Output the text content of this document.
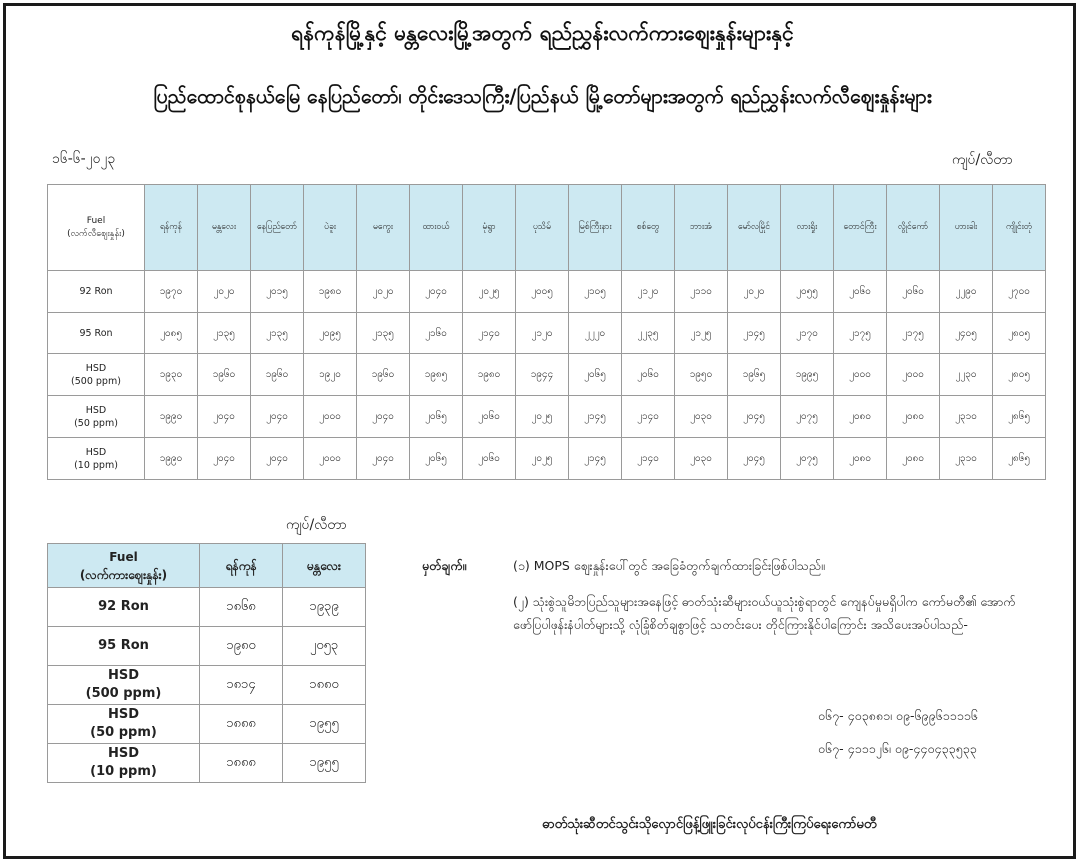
ရန်ကုန်မြို့နှင့် မန္တလေးမြို့အတွက် ရည်ညွှန်းလက်ကားဈေးနှုန်းများနှင့်
ပြည်ထောင်စုနယ်မြေ နေပြည်တော်၊ တိုင်းဒေသကြီး/ပြည်နယ် မြို့တော်များအတွက် ရည်ညွှန်းလက်လီဈေးနှုန်းများ
၁၆-၆-၂၀၂၃	ကျပ်/လီတာ
Fuel
(လက်လီဈေးနှုန်း)	ရန်ကုန်	မန္တလေး	နေပြည်တော်	ပဲခူး	မကွေး	ထားဝယ်	မုံရွာ	ပုသိမ်	မြစ်ကြီးနား	စစ်တွေ	ဘားအံ	မော်လမြိုင်	လားရှိုး	တောင်ကြီး	လွိုင်ကော်	ဟားခါး	ကျိုင်းတုံ

92 Ron	၁၉၇၀	၂၀၂၀	၂၀၁၅	၁၉၈၀	၂၀၂၀	၂၀၄၀	၂၀၂၅	၂၀၀၅	၂၁၀၅	၂၁၂၀	၂၁၁၀	၂၀၂၀	၂၀၅၅	၂၀၆၀	၂၀၆၀	၂၂၉၀	၂၇၀၀

95 Ron	၂၀၈၅	၂၁၃၅	၂၁၃၅	၂၀၉၅	၂၁၃၅	၂၁၆၀	၂၁၄၀	၂၁၂၀	၂၂၂၀	၂၂၃၅	၂၁၂၅	၂၁၄၅	၂၁၇၀	၂၁၇၅	၂၁၇၅	၂၄၀၅	၂၈၀၅

HSD
(500 ppm)	၁၉၃၀	၁၉၆၀	၁၉၆၀	၁၉၂၀	၁၉၆၀	၁၉၈၅	၁၉၈၀	၁၉၄၄	၂၀၆၅	၂၀၆၀	၁၉၅၀	၁၉၆၅	၁၉၉၅	၂၀၀၀	၂၀၀၀	၂၂၃၀	၂၈၀၅

HSD
(50 ppm)	၁၉၉၀	၂၀၄၀	၂၀၄၀	၂၀၀၀	၂၀၄၀	၂၀၆၅	၂၀၆၀	၂၀၂၅	၂၁၄၅	၂၁၄၀	၂၀၃၀	၂၀၄၅	၂၀၇၅	၂၀၈၀	၂၀၈၀	၂၃၁၀	၂၈၆၅

HSD
(10 ppm)	၁၉၉၀	၂၀၄၀	၂၀၄၀	၂၀၀၀	၂၀၄၀	၂၀၆၅	၂၀၆၀	၂၀၂၅	၂၁၄၅	၂၁၄၀	၂၀၃၀	၂၀၄၅	၂၀၇၅	၂၀၈၀	၂၀၈၀	၂၃၁၀	၂၈၆၅
ကျပ်/လီတာ
Fuel
(လက်ကားဈေးနှုန်း)	ရန်ကုန်	မန္တလေး

92 Ron	၁၈၆၈	၁၉၃၉

95 Ron	၁၉၈၀	၂၀၅၃

HSD
(500 ppm)	၁၈၁၄	၁၈၈၀

HSD
(50 ppm)	၁၈၈၈	၁၉၅၅

HSD
(10 ppm)	၁၈၈၈	၁၉၅၅
မှတ်ချက်။	(၁) MOPS ဈေးနှုန်းပေါ်တွင် အခြေခံတွက်ချက်ထားခြင်းဖြစ်ပါသည်။
(၂) သုံးစွဲသူမိဘပြည်သူများအနေဖြင့် ဓာတ်သုံးဆီများဝယ်ယူသုံးစွဲရာတွင် ကျေနပ်မှုမရှိပါက ကော်မတီ၏ အောက်ဖော်ပြပါဖုန်းနံပါတ်များသို့ လုံခြုံစိတ်ချစွာဖြင့် သတင်းပေး တိုင်ကြားနိုင်ပါကြောင်း အသိပေးအပ်ပါသည်-
၀၆၇- ၄၀၃၈၈၁၊ ၀၉-၆၉၉၆၁၁၁၁၆
၀၆၇- ၄၁၁၁၂၆၊ ၀၉-၄၄၀၄၃၃၅၃၃
ဓာတ်သုံးဆီတင်သွင်းသိုလှောင်ဖြန့်ဖြူးခြင်းလုပ်ငန်းကြီးကြပ်ရေးကော်မတီ
